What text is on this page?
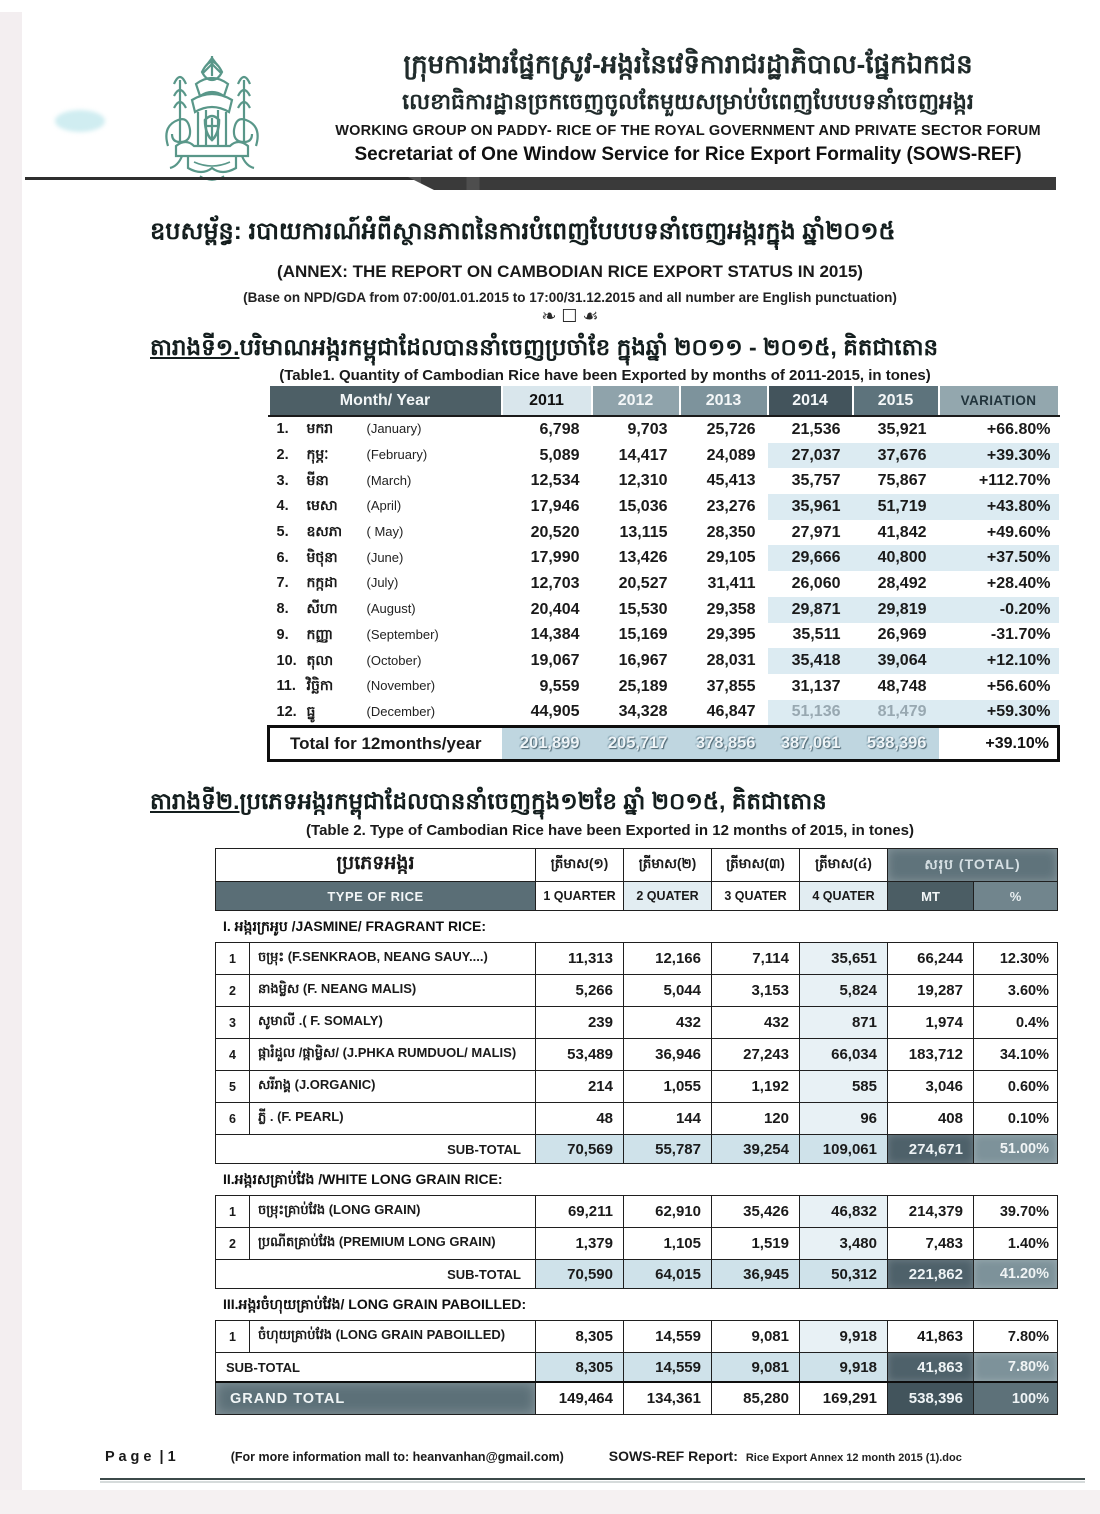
ក្រុមការងារផ្នែកស្រូវ-អង្ករនៃវេទិការាជរដ្ឋាភិបាល-ផ្នែកឯកជន
លេខាធិការដ្ឋានច្រកចេញចូលតែមួយសម្រាប់បំពេញបែបបទនាំចេញអង្ករ
WORKING GROUP ON PADDY- RICE OF THE ROYAL GOVERNMENT AND PRIVATE SECTOR FORUM
Secretariat of One Window Service for Rice Export Formality (SOWS-REF)
ឧបសម្ព័ន្ធ: របាយការណ៍អំពីស្ថានភាពនៃការបំពេញបែបបទនាំចេញអង្ករក្នុង ឆ្នាំ២០១៥
(ANNEX: THE REPORT ON CAMBODIAN RICE EXPORT STATUS IN 2015)
(Base on NPD/GDA from 07:00/01.01.2015 to 17:00/31.12.2015 and all number are English punctuation)
❧ ☐ ☙
តារាងទី១.បរិមាណអង្ករកម្ពុជាដែលបាននាំចេញប្រចាំខែ ក្នុងឆ្នាំ ២០១១ - ២០១៥, គិតជាតោន
(Table1. Quantity of Cambodian Rice have been Exported by months of 2011-2015, in tones)
Month/ Year	2011	2012	2013	2014	2015	VARIATION
1. មករា (January)	6,798	9,703	25,726	21,536	35,921	+66.80%
2. កុម្ភៈ (February)	5,089	14,417	24,089	27,037	37,676	+39.30%
3. មីនា (March)	12,534	12,310	45,413	35,757	75,867	+112.70%
4. មេសា (April)	17,946	15,036	23,276	35,961	51,719	+43.80%
5. ឧសភា ( May)	20,520	13,115	28,350	27,971	41,842	+49.60%
6. មិថុនា (June)	17,990	13,426	29,105	29,666	40,800	+37.50%
7. កក្កដា (July)	12,703	20,527	31,411	26,060	28,492	+28.40%
8. សីហា (August)	20,404	15,530	29,358	29,871	29,819	-0.20%
9. កញ្ញា (September)	14,384	15,169	29,395	35,511	26,969	-31.70%
10. តុលា (October)	19,067	16,967	28,031	35,418	39,064	+12.10%
11. វិច្ឆិកា (November)	9,559	25,189	37,855	31,137	48,748	+56.60%
12. ធ្នូ (December)	44,905	34,328	46,847	51,136	81,479	+59.30%
Total for 12months/year	201,899	205,717	378,856	387,061	538,396	+39.10%
តារាងទី២.ប្រភេទអង្ករកម្ពុជាដែលបាននាំចេញក្នុង១២ខែ ឆ្នាំ ២០១៥, គិតជាតោន
(Table 2. Type of Cambodian Rice have been Exported in 12 months of 2015, in tones)
ប្រភេទអង្ករ	ត្រីមាស(១)	ត្រីមាស(២)	ត្រីមាស(៣)	ត្រីមាស(៤)	សរុប (TOTAL)	
TYPE OF RICE	1 QUARTER	2 QUATER	3 QUATER	4 QUATER	MT	%
I. អង្ករក្រអូប /JASMINE/ FRAGRANT RICE:
1	ចម្រុះ (F.SENKRAOB, NEANG SAUY....)	11,313	12,166	7,114	35,651	66,244	12.30%
2	នាងម្លិស (F. NEANG MALIS)	5,266	5,044	3,153	5,824	19,287	3.60%
3	សូមាលី .( F. SOMALY)	239	432	432	871	1,974	0.4%
4	ផ្ការំដួល /ផ្កាម្លិស/ (J.PHKA RUMDUOL/ MALIS)	53,489	36,946	27,243	66,034	183,712	34.10%
5	សរីរាង្គ (J.ORGANIC)	214	1,055	1,192	585	3,046	0.60%
6	ភ្លី . (F. PEARL)	48	144	120	96	408	0.10%
SUB-TOTAL		70,569	55,787	39,254	109,061	274,671	51.00%
II.អង្ករសគ្រាប់វែង /WHITE LONG GRAIN RICE:
1	ចម្រុះគ្រាប់វែង (LONG GRAIN)	69,211	62,910	35,426	46,832	214,379	39.70%
2	ប្រណីតគ្រាប់វែង (PREMIUM LONG GRAIN)	1,379	1,105	1,519	3,480	7,483	1.40%
SUB-TOTAL		70,590	64,015	36,945	50,312	221,862	41.20%
III.អង្ករចំហុយគ្រាប់វែង/ LONG GRAIN PABOILLED:
1	ចំហុយគ្រាប់វែង (LONG GRAIN PABOILLED)	8,305	14,559	9,081	9,918	41,863	7.80%
SUB-TOTAL		8,305	14,559	9,081	9,918	41,863	7.80%
GRAND TOTAL		149,464	134,361	85,280	169,291	538,396	100%
P a g e  | 1	(For more information mall to: heanvanhan@gmail.com)	SOWS-REF Report: Rice Export Annex 12 month 2015 (1).doc
